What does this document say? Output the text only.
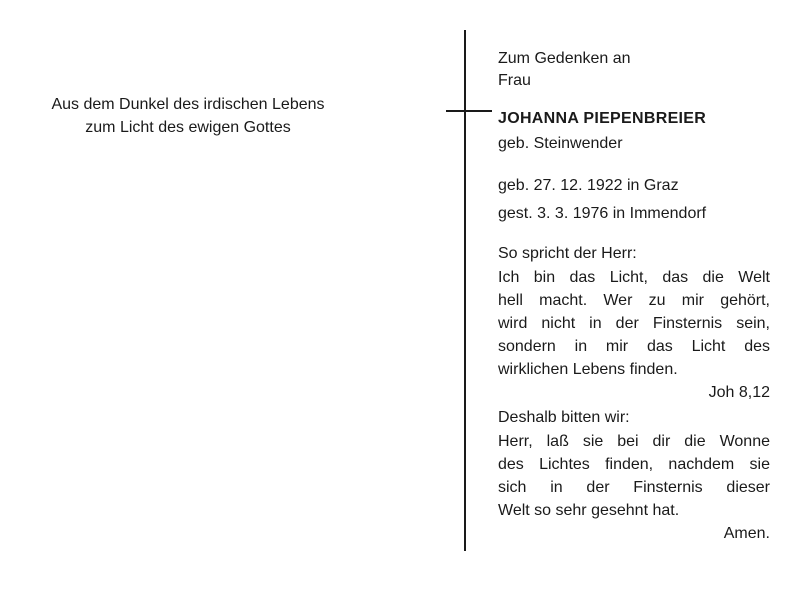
Aus dem Dunkel des irdischen Lebens
zum Licht des ewigen Gottes
Zum Gedenken an
Frau
JOHANNA PIEPENBREIER
geb. Steinwender
geb. 27. 12. 1922 in Graz
gest. 3. 3. 1976 in Immendorf
So spricht der Herr:
Ich bin das Licht, das die Welt
hell macht. Wer zu mir gehört,
wird nicht in der Finsternis sein,
sondern in mir das Licht des
wirklichen Lebens finden.
Joh 8,12
Deshalb bitten wir:
Herr, laß sie bei dir die Wonne
des Lichtes finden, nachdem sie
sich in der Finsternis dieser
Welt so sehr gesehnt hat.
Amen.
